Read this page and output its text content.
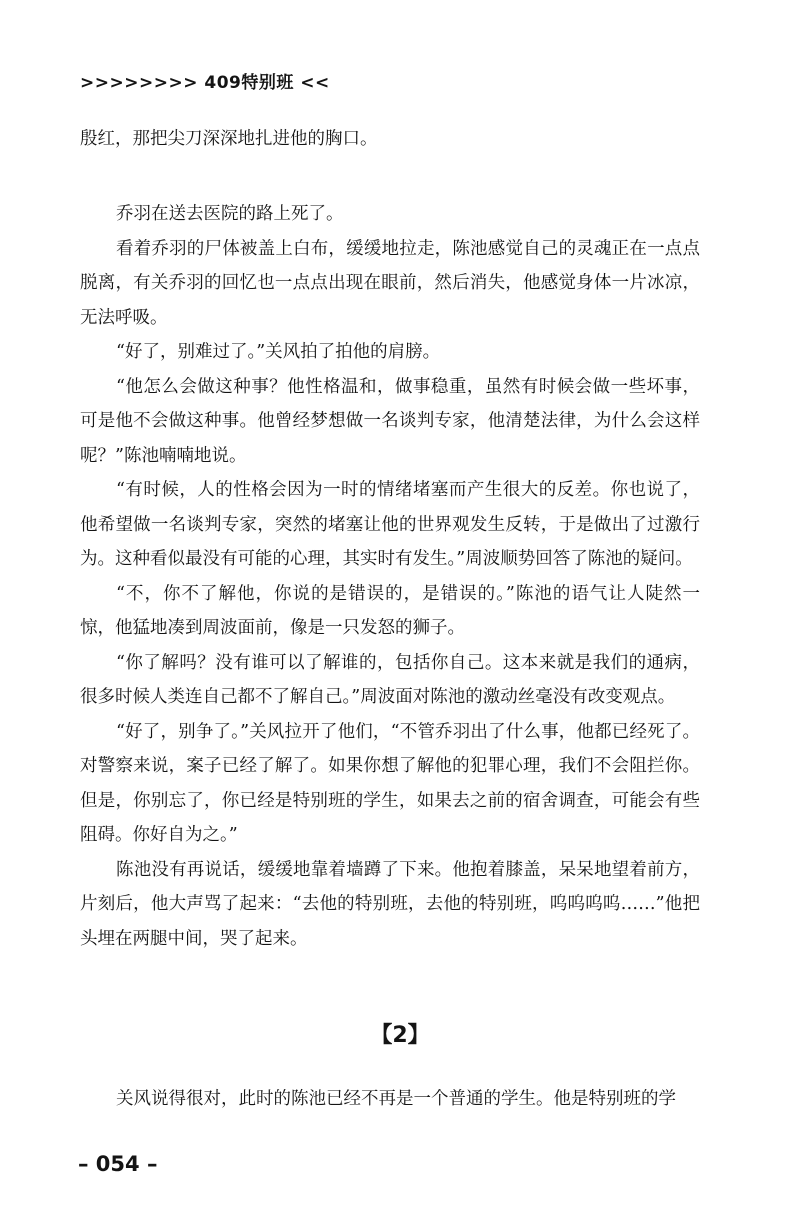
>>>>>>>> 409特别班 <<

殷红，那把尖刀深深地扎进他的胸口。

乔羽在送去医院的路上死了。

看着乔羽的尸体被盖上白布，缓缓地拉走，陈池感觉自己的灵魂正在一点点脱离，有关乔羽的回忆也一点点出现在眼前，然后消失，他感觉身体一片冰凉，无法呼吸。

“好了，别难过了。”关风拍了拍他的肩膀。

“他怎么会做这种事？他性格温和，做事稳重，虽然有时候会做一些坏事，可是他不会做这种事。他曾经梦想做一名谈判专家，他清楚法律，为什么会这样呢？”陈池喃喃地说。

“有时候，人的性格会因为一时的情绪堵塞而产生很大的反差。你也说了，他希望做一名谈判专家，突然的堵塞让他的世界观发生反转，于是做出了过激行为。这种看似最没有可能的心理，其实时有发生。”周波顺势回答了陈池的疑问。

“不，你不了解他，你说的是错误的，是错误的。”陈池的语气让人陡然一惊，他猛地凑到周波面前，像是一只发怒的狮子。

“你了解吗？没有谁可以了解谁的，包括你自己。这本来就是我们的通病，很多时候人类连自己都不了解自己。”周波面对陈池的激动丝毫没有改变观点。

“好了，别争了。”关风拉开了他们，“不管乔羽出了什么事，他都已经死了。对警察来说，案子已经了解了。如果你想了解他的犯罪心理，我们不会阻拦你。但是，你别忘了，你已经是特别班的学生，如果去之前的宿舍调查，可能会有些阻碍。你好自为之。”

陈池没有再说话，缓缓地靠着墙蹲了下来。他抱着膝盖，呆呆地望着前方，片刻后，他大声骂了起来：“去他的特别班，去他的特别班，呜呜呜呜……”他把头埋在两腿中间，哭了起来。

【2】

关风说得很对，此时的陈池已经不再是一个普通的学生。他是特别班的学

– 054 –
